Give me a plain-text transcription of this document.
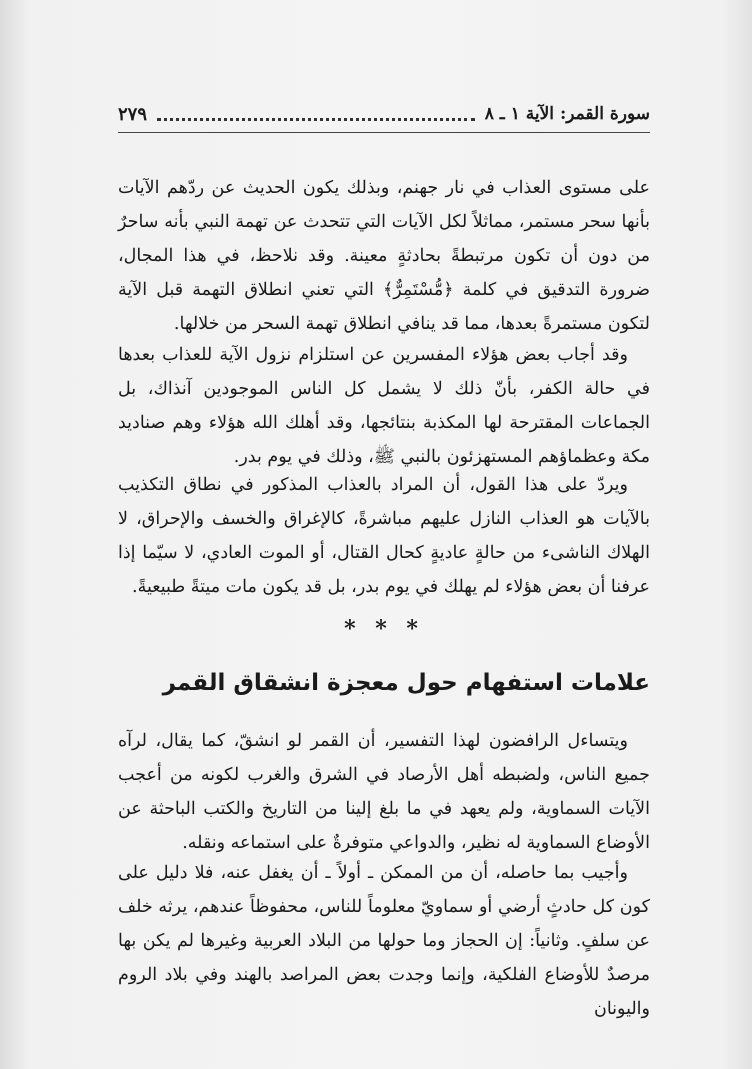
سورة القمر: الآية ١ ـ ٨
٢٧٩

على مستوى العذاب في نار جهنم، وبذلك يكون الحديث عن ردّهم الآيات بأنها سحر مستمر، مماثلاً لكل الآيات التي تتحدث عن تهمة النبي بأنه ساحرٌ من دون أن تكون مرتبطةً بحادثةٍ معينة. وقد نلاحظ، في هذا المجال، ضرورة التدقيق في كلمة ﴿مُّسْتَمِرٌّ﴾ التي تعني انطلاق التهمة قبل الآية لتكون مستمرةً بعدها، مما قد ينافي انطلاق تهمة السحر من خلالها.

وقد أجاب بعض هؤلاء المفسرين عن استلزام نزول الآية للعذاب بعدها في حالة الكفر، بأنّ ذلك لا يشمل كل الناس الموجودين آنذاك، بل الجماعات المقترحة لها المكذبة بنتائجها، وقد أهلك الله هؤلاء وهم صناديد مكة وعظماؤهم المستهزئون بالنبي ﷺ، وذلك في يوم بدر.

ويردّ على هذا القول، أن المراد بالعذاب المذكور في نطاق التكذيب بالآيات هو العذاب النازل عليهم مباشرةً، كالإغراق والخسف والإحراق، لا الهلاك الناشىء من حالةٍ عاديةٍ كحال القتال، أو الموت العادي، لا سيّما إذا عرفنا أن بعض هؤلاء لم يهلك في يوم بدر، بل قد يكون مات ميتةً طبيعيةً.

* * *
علامات استفهام حول معجزة انشقاق القمر

ويتساءل الرافضون لهذا التفسير، أن القمر لو انشقّ، كما يقال، لرآه جميع الناس، ولضبطه أهل الأرصاد في الشرق والغرب لكونه من أعجب الآيات السماوية، ولم يعهد في ما بلغ إلينا من التاريخ والكتب الباحثة عن الأوضاع السماوية له نظير، والدواعي متوفرةٌ على استماعه ونقله.

وأجيب بما حاصله، أن من الممكن ـ أولاً ـ أن يغفل عنه، فلا دليل على كون كل حادثٍ أرضي أو سماويّ معلوماً للناس، محفوظاً عندهم، يرثه خلف عن سلفٍ. وثانياً: إن الحجاز وما حولها من البلاد العربية وغيرها لم يكن بها مرصدٌ للأوضاع الفلكية، وإنما وجدت بعض المراصد بالهند وفي بلاد الروم واليونان
